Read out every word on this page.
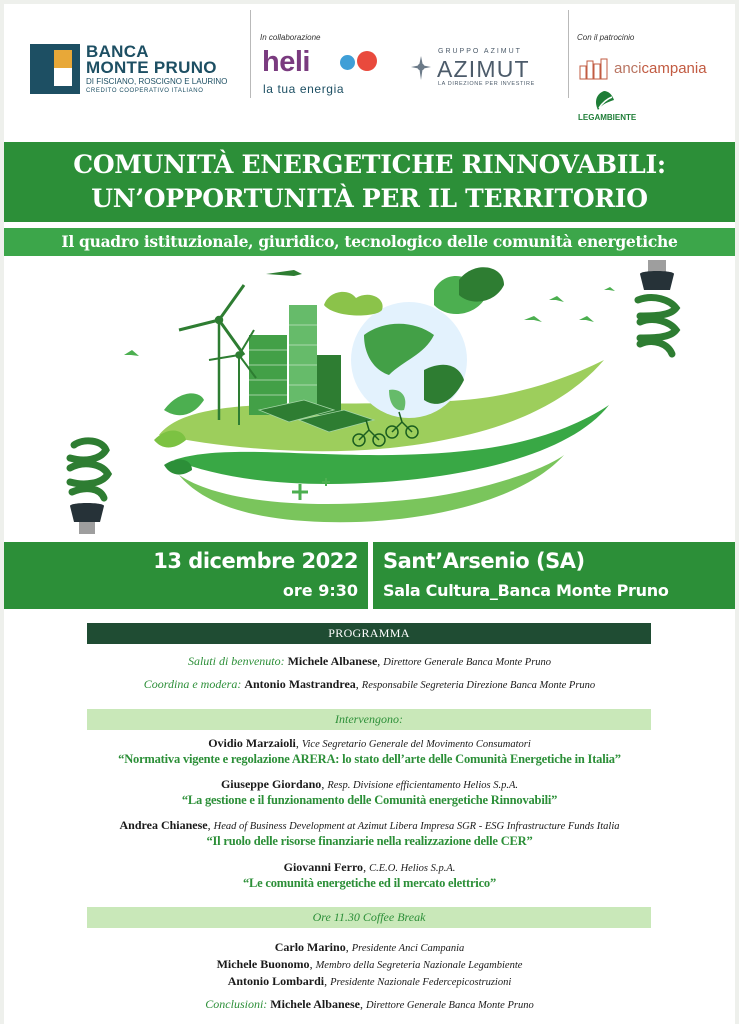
BANCA
MONTE PRUNO
DI FISCIANO, ROSCIGNO E LAURINO
CREDITO COOPERATIVO ITALIANO
In collaborazione
heli
la tua energia
GRUPPO AZIMUT
AZIMUT
LA DIREZIONE PER INVESTIRE
Con il patrocinio
ancicampania
LEGAMBIENTE
COMUNITÀ ENERGETICHE RINNOVABILI:
UN’OPPORTUNITÀ PER IL TERRITORIO
Il quadro istituzionale, giuridico, tecnologico delle comunità energetiche
13 dicembre 2022
ore 9:30
Sant’Arsenio (SA)
Sala Cultura_Banca Monte Pruno
PROGRAMMA
Saluti di benvenuto: Michele Albanese, Direttore Generale Banca Monte Pruno
Coordina e modera: Antonio Mastrandrea, Responsabile Segreteria Direzione Banca Monte Pruno
Intervengono:
Ovidio Marzaioli, Vice Segretario Generale del Movimento Consumatori
“Normativa vigente e regolazione ARERA: lo stato dell’arte delle Comunità Energetiche in Italia”
Giuseppe Giordano, Resp. Divisione efficientamento Helios S.p.A.
“La gestione e il funzionamento delle Comunità energetiche Rinnovabili”
Andrea Chianese, Head of Business Development at Azimut Libera Impresa SGR - ESG Infrastructure Funds Italia
“Il ruolo delle risorse finanziarie nella realizzazione delle CER”
Giovanni Ferro, C.E.O. Helios S.p.A.
“Le comunità energetiche ed il mercato elettrico”
Ore 11.30 Coffee Break
Carlo Marino, Presidente Anci Campania
Michele Buonomo, Membro della Segreteria Nazionale Legambiente
Antonio Lombardi, Presidente Nazionale Federcepicostruzioni
Conclusioni: Michele Albanese, Direttore Generale Banca Monte Pruno
